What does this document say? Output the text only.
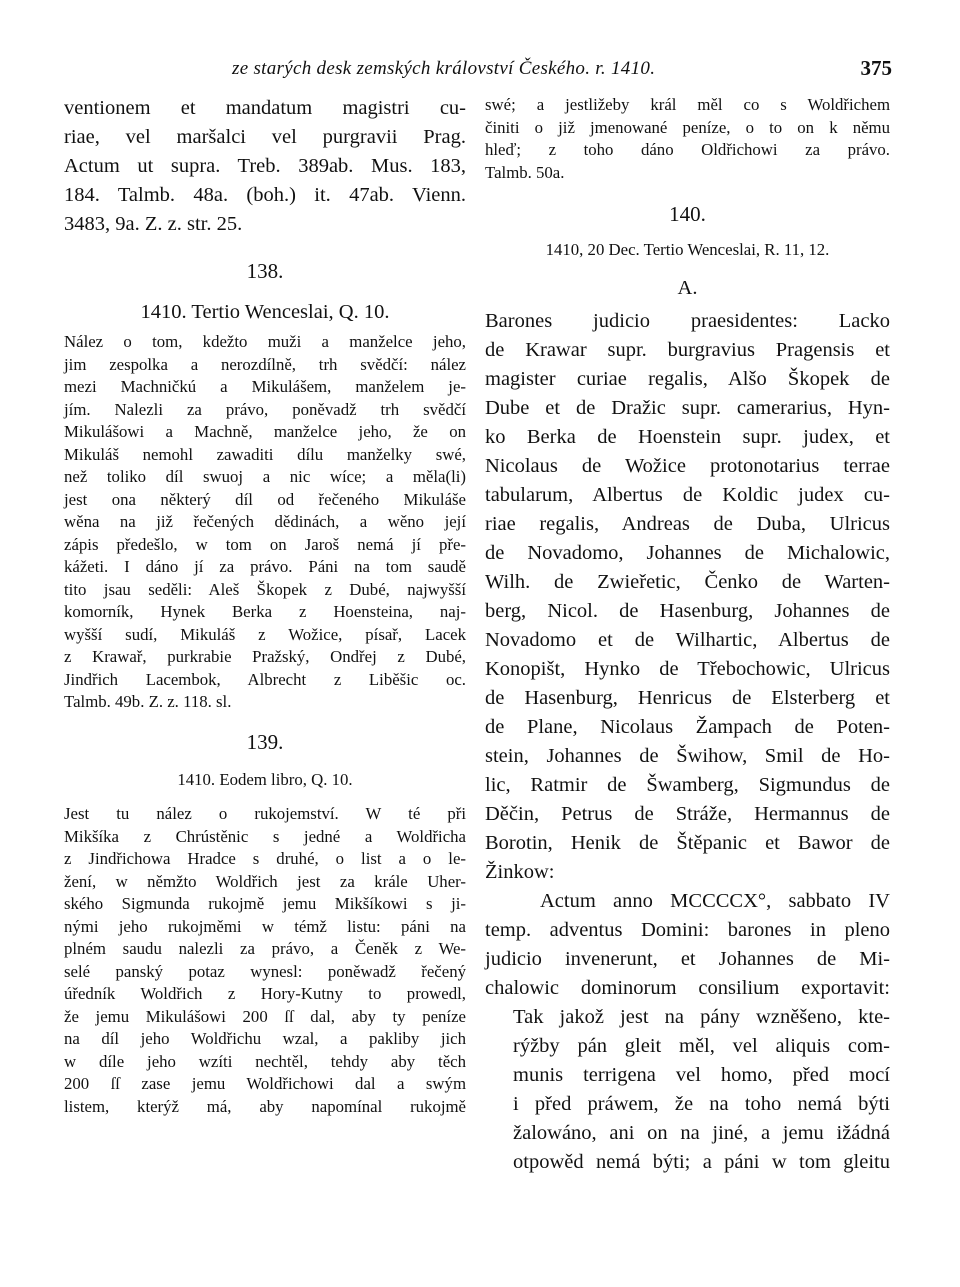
ze starých desk zemských království Českého. r. 1410.	375
ventionem et mandatum magistri cu-
riae, vel maršalci vel purgravii Prag.
Actum ut supra. Treb. 389ab. Mus. 183,
184. Talmb. 48a. (boh.) it. 47ab. Vienn.
3483, 9a. Z. z. str. 25.
138.
1410. Tertio Wenceslai, Q. 10.
Nález o tom, kdežto muži a manželce jeho,
jim zespolka a nerozdílně, trh svědčí: nález
mezi Machničkú a Mikulášem, manželem je-
jím. Nalezli za právo, poněvadž trh svědčí
Mikulášowi a Machně, manželce jeho, že on
Mikuláš nemohl zawaditi dílu manželky swé,
než toliko díl swuoj a nic wíce; a měla(li)
jest ona některý díl od řečeného Mikuláše
wěna na již řečených dědinách, a wěno její
zápis předešlo, w tom on Jaroš nemá jí pře-
kážeti. I dáno jí za právo. Páni na tom saudě
tito jsau seděli: Aleš Škopek z Dubé, najwyšší
komorník, Hynek Berka z Hoensteina, naj-
wyšší sudí, Mikuláš z Wožice, písař, Lacek
z Krawař, purkrabie Pražský, Ondřej z Dubé,
Jindřich Lacembok, Albrecht z Liběšic oc.
Talmb. 49b. Z. z. 118. sl.
139.
1410. Eodem libro, Q. 10.
Jest tu nález o rukojemství. W té při
Mikšíka z Chrústěnic s jedné a Woldřicha
z Jindřichowa Hradce s druhé, o list a o le-
žení, w němžto Woldřich jest za krále Uher-
ského Sigmunda rukojmě jemu Mikšíkowi s ji-
nými jeho rukojměmi w témž listu: páni na
plném saudu nalezli za právo, a Čeněk z We-
selé panský potaz wynesl: poněwadž řečený
úředník Woldřich z Hory-Kutny to prowedl,
že jemu Mikulášowi 200 ſſ dal, aby ty peníze
na díl jeho Woldřichu wzal, a pakliby jich
w díle jeho wzíti nechtěl, tehdy aby těch
200 ſſ zase jemu Woldřichowi dal a swým
listem, kterýž má, aby napomínal rukojmě
swé; a jestližeby král měl co s Woldřichem
činiti o již jmenowané peníze, o to on k němu
hleď; z toho dáno Oldřichowi za právo.
Talmb. 50a.
140.
1410, 20 Dec. Tertio Wenceslai, R. 11, 12.
A.
Barones judicio praesidentes: Lacko
de Krawar supr. burgravius Pragensis et
magister curiae regalis, Alšo Škopek de
Dube et de Dražic supr. camerarius, Hyn-
ko Berka de Hoenstein supr. judex, et
Nicolaus de Wožice protonotarius terrae
tabularum, Albertus de Koldic judex cu-
riae regalis, Andreas de Duba, Ulricus
de Novadomo, Johannes de Michalowic,
Wilh. de Zwieřetic, Čenko de Warten-
berg, Nicol. de Hasenburg, Johannes de
Novadomo et de Wilhartic, Albertus de
Konopišt, Hynko de Třebochowic, Ulricus
de Hasenburg, Henricus de Elsterberg et
de Plane, Nicolaus Žampach de Poten-
stein, Johannes de Šwihow, Smil de Ho-
lic, Ratmir de Šwamberg, Sigmundus de
Děčin, Petrus de Stráže, Hermannus de
Borotin, Henik de Štěpanic et Bawor de
Žinkow:
Actum anno MCCCCX°, sabbato IV
temp. adventus Domini: barones in pleno
judicio invenerunt, et Johannes de Mi-
chalowic dominorum consilium exportavit:
Tak jakož jest na pány wzněšeno, kte-
rýžby pán gleit měl, vel aliquis com-
munis terrigena vel homo, před mocí
i před práwem, že na toho nemá býti
žalowáno, ani on na jiné, a jemu ižádná
otpowěd nemá býti; a páni w tom gleitu
